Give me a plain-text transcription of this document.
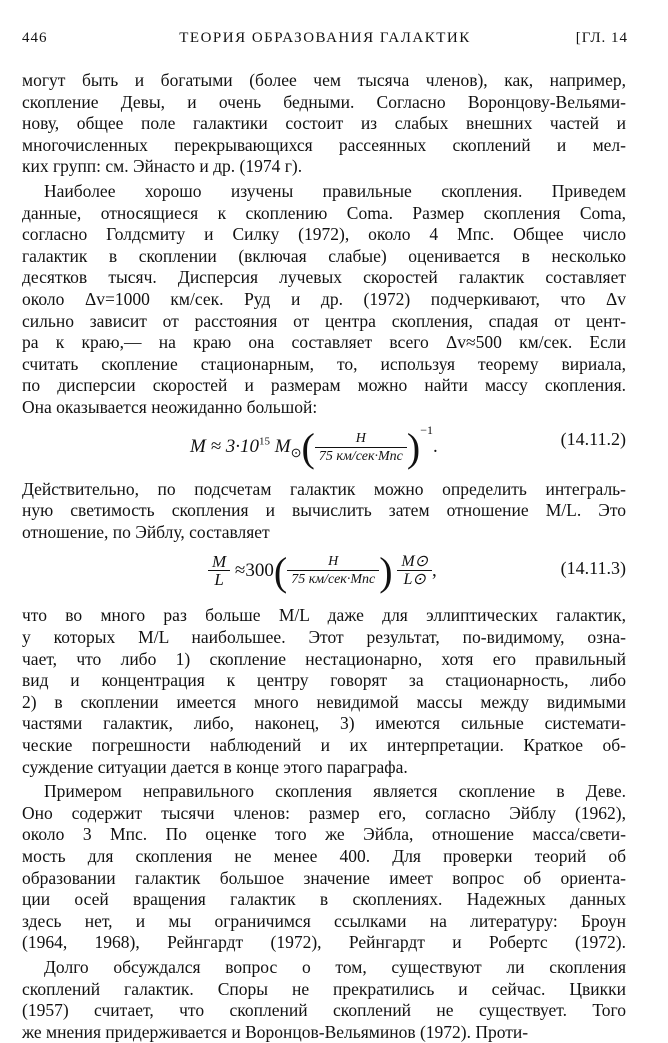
446	ТЕОРИЯ ОБРАЗОВАНИЯ ГАЛАКТИК	[ГЛ. 14
могут быть и богатыми (более чем тысяча членов), как, например,
скопление Девы, и очень бедными. Согласно Воронцову-Вельями-
нову, общее поле галактики состоит из слабых внешних частей и
многочисленных перекрывающихся рассеянных скоплений и мел-
ких групп: см. Эйнасто и др. (1974 г).
Наиболее хорошо изучены правильные скопления. Приведем
данные, относящиеся к скоплению Coma. Размер скопления Coma,
согласно Голдсмиту и Силку (1972), около 4 Мпс. Общее число
галактик в скоплении (включая слабые) оценивается в несколько
десятков тысяч. Дисперсия лучевых скоростей галактик составляет
около Δv=1000 км/сек. Руд и др. (1972) подчеркивают, что Δv
сильно зависит от расстояния от центра скопления, спадая от цент-
ра к краю,— на краю она составляет всего Δv≈500 км/сек. Если
считать скопление стационарным, то, используя теорему вириала,
по дисперсии скоростей и размерам можно найти массу скопления.
Она оказывается неожиданно большой:
$M \approx 3\cdot 10^{15}$ $M_⊙( \frac{H}{\text{75 км/сек·Мпс}} )^{-1}$.	(14.11.2)
Действительно, по подсчетам галактик можно определить интеграль-
ную светимость скопления и вычислить затем отношение M/L. Это
отношение, по Эйблу, составляет
$\frac{M}{L} \approx 300( \frac{H}{\text{75 км/сек·Мпс}}$ ) $\frac{M⊙}{L⊙}$ ,	(14.11.3)
что во много раз больше M/L даже для эллиптических галактик,
у которых M/L наибольшее. Этот результат, по-видимому, озна-
чает, что либо 1) скопление нестационарно, хотя его правильный
вид и концентрация к центру говорят за стационарность, либо
2) в скоплении имеется много невидимой массы между видимыми
частями галактик, либо, наконец, 3) имеются сильные системати-
ческие погрешности наблюдений и их интерпретации. Краткое об-
суждение ситуации дается в конце этого параграфа.
Примером неправильного скопления является скопление в Деве.
Оно содержит тысячи членов: размер его, согласно Эйблу (1962),
около 3 Мпс. По оценке того же Эйбла, отношение масса/свети-
мость для скопления не менее 400. Для проверки теорий об
образовании галактик большое значение имеет вопрос об ориента-
ции осей вращения галактик в скоплениях. Надежных данных
здесь нет, и мы ограничимся ссылками на литературу: Броун
(1964, 1968), Рейнгардт (1972), Рейнгардт и Робертс (1972).
Долго обсуждался вопрос о том, существуют ли скопления
скоплений галактик. Споры не прекратились и сейчас. Цвикки
(1957) считает, что скоплений скоплений не существует. Того
же мнения придерживается и Воронцов-Вельяминов (1972). Проти-
